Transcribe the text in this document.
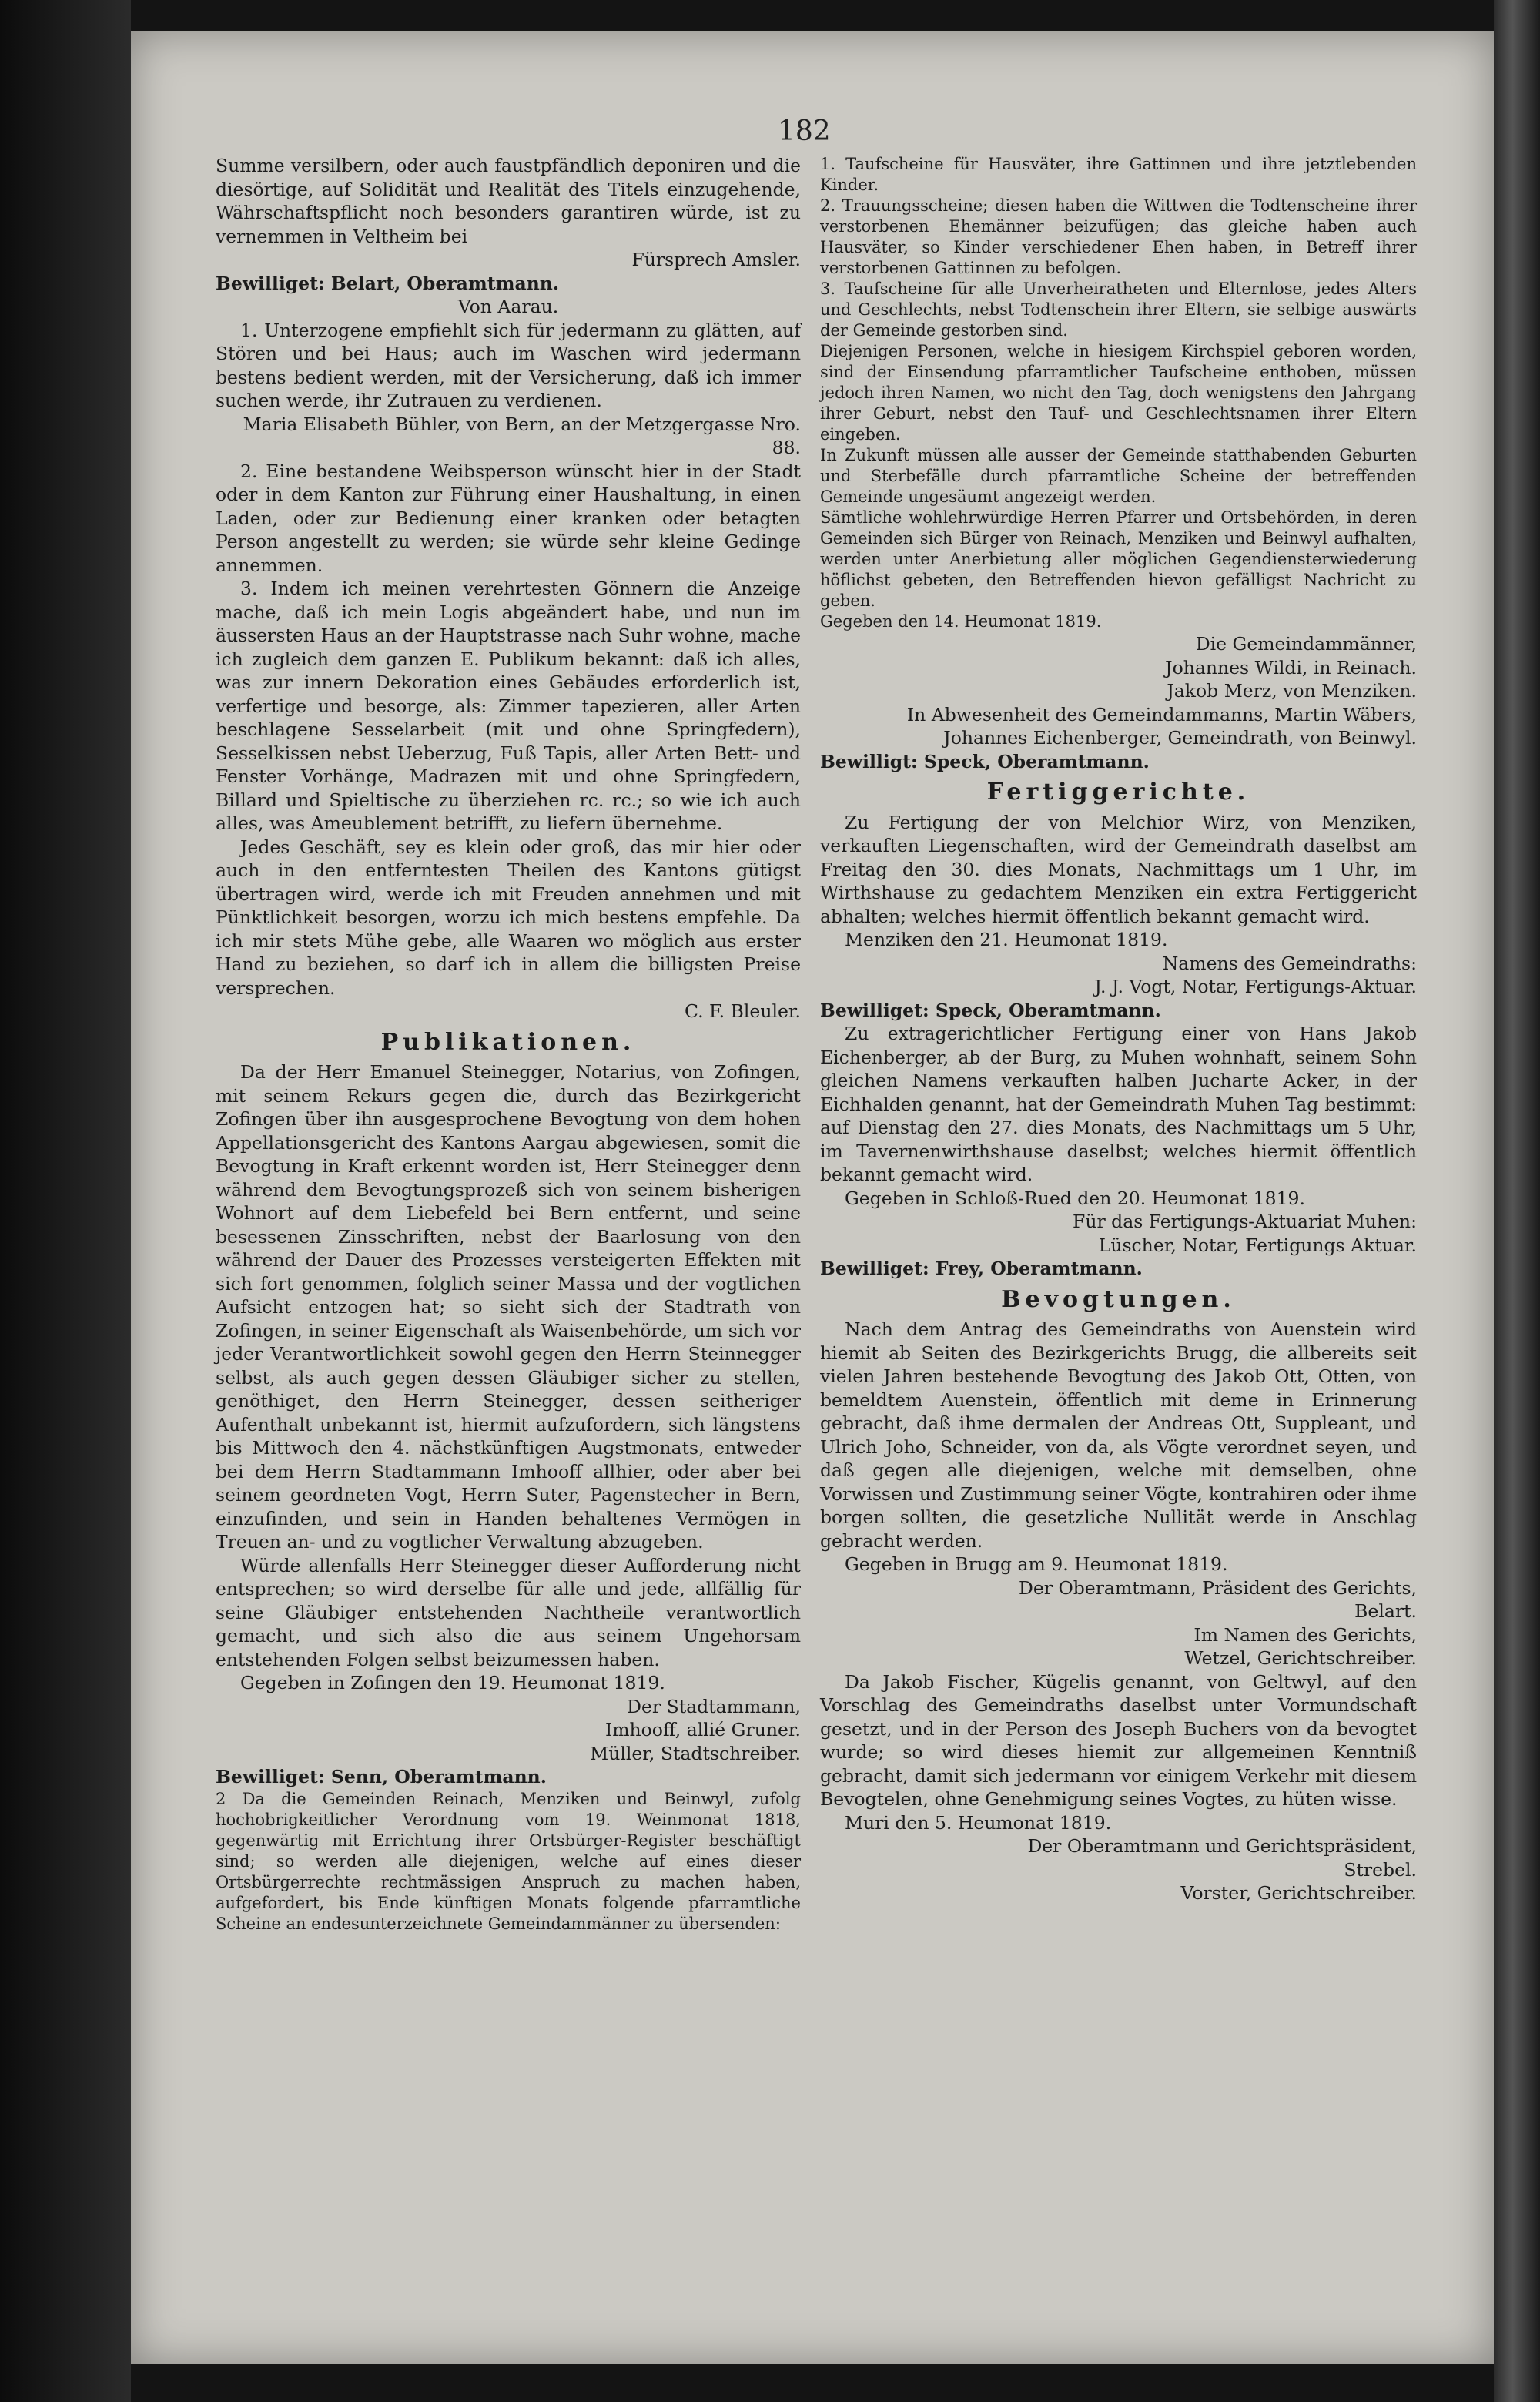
182

Summe versilbern, oder auch faustpfändlich deponiren und die diesörtige, auf Solidität und Realität des Titels einzugehende, Währschaftspflicht noch besonders garantiren würde, ist zu vernemmen in Veltheim bei

Fürsprech Amsler.

Bewilliget: Belart, Oberamtmann.

Von Aarau.

1. Unterzogene empfiehlt sich für jedermann zu glätten, auf Stören und bei Haus; auch im Waschen wird jedermann bestens bedient werden, mit der Versicherung, daß ich immer suchen werde, ihr Zutrauen zu verdienen.

Maria Elisabeth Bühler, von Bern, an der Metzgergasse Nro. 88.

2. Eine bestandene Weibsperson wünscht hier in der Stadt oder in dem Kanton zur Führung einer Haushaltung, in einen Laden, oder zur Bedienung einer kranken oder betagten Person angestellt zu werden; sie würde sehr kleine Gedinge annemmen.

3. Indem ich meinen verehrtesten Gönnern die Anzeige mache, daß ich mein Logis abgeändert habe, und nun im äussersten Haus an der Hauptstrasse nach Suhr wohne, mache ich zugleich dem ganzen E. Publikum bekannt: daß ich alles, was zur innern Dekoration eines Gebäudes erforderlich ist, verfertige und besorge, als: Zimmer tapezieren, aller Arten beschlagene Sesselarbeit (mit und ohne Springfedern), Sesselkissen nebst Ueberzug, Fuß Tapis, aller Arten Bett- und Fenster Vorhänge, Madrazen mit und ohne Springfedern, Billard und Spieltische zu überziehen rc. rc.; so wie ich auch alles, was Ameublement betrifft, zu liefern übernehme.

Jedes Geschäft, sey es klein oder groß, das mir hier oder auch in den entferntesten Theilen des Kantons gütigst übertragen wird, werde ich mit Freuden annehmen und mit Pünktlichkeit besorgen, worzu ich mich bestens empfehle. Da ich mir stets Mühe gebe, alle Waaren wo möglich aus erster Hand zu beziehen, so darf ich in allem die billigsten Preise versprechen.

C. F. Bleuler.

Publikationen.

Da der Herr Emanuel Steinegger, Notarius, von Zofingen, mit seinem Rekurs gegen die, durch das Bezirkgericht Zofingen über ihn ausgesprochene Bevogtung von dem hohen Appellationsgericht des Kantons Aargau abgewiesen, somit die Bevogtung in Kraft erkennt worden ist, Herr Steinegger denn während dem Bevogtungsprozeß sich von seinem bisherigen Wohnort auf dem Liebefeld bei Bern entfernt, und seine besessenen Zinsschriften, nebst der Baarlosung von den während der Dauer des Prozesses versteigerten Effekten mit sich fort genommen, folglich seiner Massa und der vogtlichen Aufsicht entzogen hat; so sieht sich der Stadtrath von Zofingen, in seiner Eigenschaft als Waisenbehörde, um sich vor jeder Verantwortlichkeit sowohl gegen den Herrn Steinnegger selbst, als auch gegen dessen Gläubiger sicher zu stellen, genöthiget, den Herrn Steinegger, dessen seitheriger Aufenthalt unbekannt ist, hiermit aufzufordern, sich längstens bis Mittwoch den 4. nächstkünftigen Augstmonats, entweder bei dem Herrn Stadtammann Imhooff allhier, oder aber bei seinem geordneten Vogt, Herrn Suter, Pagenstecher in Bern, einzufinden, und sein in Handen behaltenes Vermögen in Treuen an- und zu vogtlicher Verwaltung abzugeben.

Würde allenfalls Herr Steinegger dieser Aufforderung nicht entsprechen; so wird derselbe für alle und jede, allfällig für seine Gläubiger entstehenden Nachtheile verantwortlich gemacht, und sich also die aus seinem Ungehorsam entstehenden Folgen selbst beizumessen haben.

Gegeben in Zofingen den 19. Heumonat 1819.

Der Stadtammann,

Imhooff, allié Gruner.

Müller, Stadtschreiber.

Bewilliget: Senn, Oberamtmann.

2 Da die Gemeinden Reinach, Menziken und Beinwyl, zufolg hochobrigkeitlicher Verordnung vom 19. Weinmonat 1818, gegenwärtig mit Errichtung ihrer Ortsbürger-Register beschäftigt sind; so werden alle diejenigen, welche auf eines dieser Ortsbürgerrechte rechtmässigen Anspruch zu machen haben, aufgefordert, bis Ende künftigen Monats folgende pfarramtliche Scheine an endesunterzeichnete Gemeindammänner zu übersenden:

1. Taufscheine für Hausväter, ihre Gattinnen und ihre jetztlebenden Kinder.

2. Trauungsscheine; diesen haben die Wittwen die Todtenscheine ihrer verstorbenen Ehemänner beizufügen; das gleiche haben auch Hausväter, so Kinder verschiedener Ehen haben, in Betreff ihrer verstorbenen Gattinnen zu befolgen.

3. Taufscheine für alle Unverheiratheten und Elternlose, jedes Alters und Geschlechts, nebst Todtenschein ihrer Eltern, sie selbige auswärts der Gemeinde gestorben sind.

Diejenigen Personen, welche in hiesigem Kirchspiel geboren worden, sind der Einsendung pfarramtlicher Taufscheine enthoben, müssen jedoch ihren Namen, wo nicht den Tag, doch wenigstens den Jahrgang ihrer Geburt, nebst den Tauf- und Geschlechtsnamen ihrer Eltern eingeben.

In Zukunft müssen alle ausser der Gemeinde statthabenden Geburten und Sterbefälle durch pfarramtliche Scheine der betreffenden Gemeinde ungesäumt angezeigt werden.

Sämtliche wohlehrwürdige Herren Pfarrer und Ortsbehörden, in deren Gemeinden sich Bürger von Reinach, Menziken und Beinwyl aufhalten, werden unter Anerbietung aller möglichen Gegendiensterwiederung höflichst gebeten, den Betreffenden hievon gefälligst Nachricht zu geben.

Gegeben den 14. Heumonat 1819.

Die Gemeindammänner,

Johannes Wildi, in Reinach.

Jakob Merz, von Menziken.

In Abwesenheit des Gemeindammanns, Martin Wäbers,

Johannes Eichenberger, Gemeindrath, von Beinwyl.

Bewilligt: Speck, Oberamtmann.

Fertiggerichte.

Zu Fertigung der von Melchior Wirz, von Menziken, verkauften Liegenschaften, wird der Gemeindrath daselbst am Freitag den 30. dies Monats, Nachmittags um 1 Uhr, im Wirthshause zu gedachtem Menziken ein extra Fertiggericht abhalten; welches hiermit öffentlich bekannt gemacht wird.

Menziken den 21. Heumonat 1819.

Namens des Gemeindraths:

J. J. Vogt, Notar, Fertigungs-Aktuar.

Bewilliget: Speck, Oberamtmann.

Zu extragerichtlicher Fertigung einer von Hans Jakob Eichenberger, ab der Burg, zu Muhen wohnhaft, seinem Sohn gleichen Namens verkauften halben Jucharte Acker, in der Eichhalden genannt, hat der Gemeindrath Muhen Tag bestimmt: auf Dienstag den 27. dies Monats, des Nachmittags um 5 Uhr, im Tavernenwirthshause daselbst; welches hiermit öffentlich bekannt gemacht wird.

Gegeben in Schloß-Rued den 20. Heumonat 1819.

Für das Fertigungs-Aktuariat Muhen:

Lüscher, Notar, Fertigungs Aktuar.

Bewilliget: Frey, Oberamtmann.

Bevogtungen.

Nach dem Antrag des Gemeindraths von Auenstein wird hiemit ab Seiten des Bezirkgerichts Brugg, die allbereits seit vielen Jahren bestehende Bevogtung des Jakob Ott, Otten, von bemeldtem Auenstein, öffentlich mit deme in Erinnerung gebracht, daß ihme dermalen der Andreas Ott, Suppleant, und Ulrich Joho, Schneider, von da, als Vögte verordnet seyen, und daß gegen alle diejenigen, welche mit demselben, ohne Vorwissen und Zustimmung seiner Vögte, kontrahiren oder ihme borgen sollten, die gesetzliche Nullität werde in Anschlag gebracht werden.

Gegeben in Brugg am 9. Heumonat 1819.

Der Oberamtmann, Präsident des Gerichts,

Belart.

Im Namen des Gerichts,

Wetzel, Gerichtschreiber.

Da Jakob Fischer, Kügelis genannt, von Geltwyl, auf den Vorschlag des Gemeindraths daselbst unter Vormundschaft gesetzt, und in der Person des Joseph Buchers von da bevogtet wurde; so wird dieses hiemit zur allgemeinen Kenntniß gebracht, damit sich jedermann vor einigem Verkehr mit diesem Bevogtelen, ohne Genehmigung seines Vogtes, zu hüten wisse.

Muri den 5. Heumonat 1819.

Der Oberamtmann und Gerichtspräsident,

Strebel.

Vorster, Gerichtschreiber.
